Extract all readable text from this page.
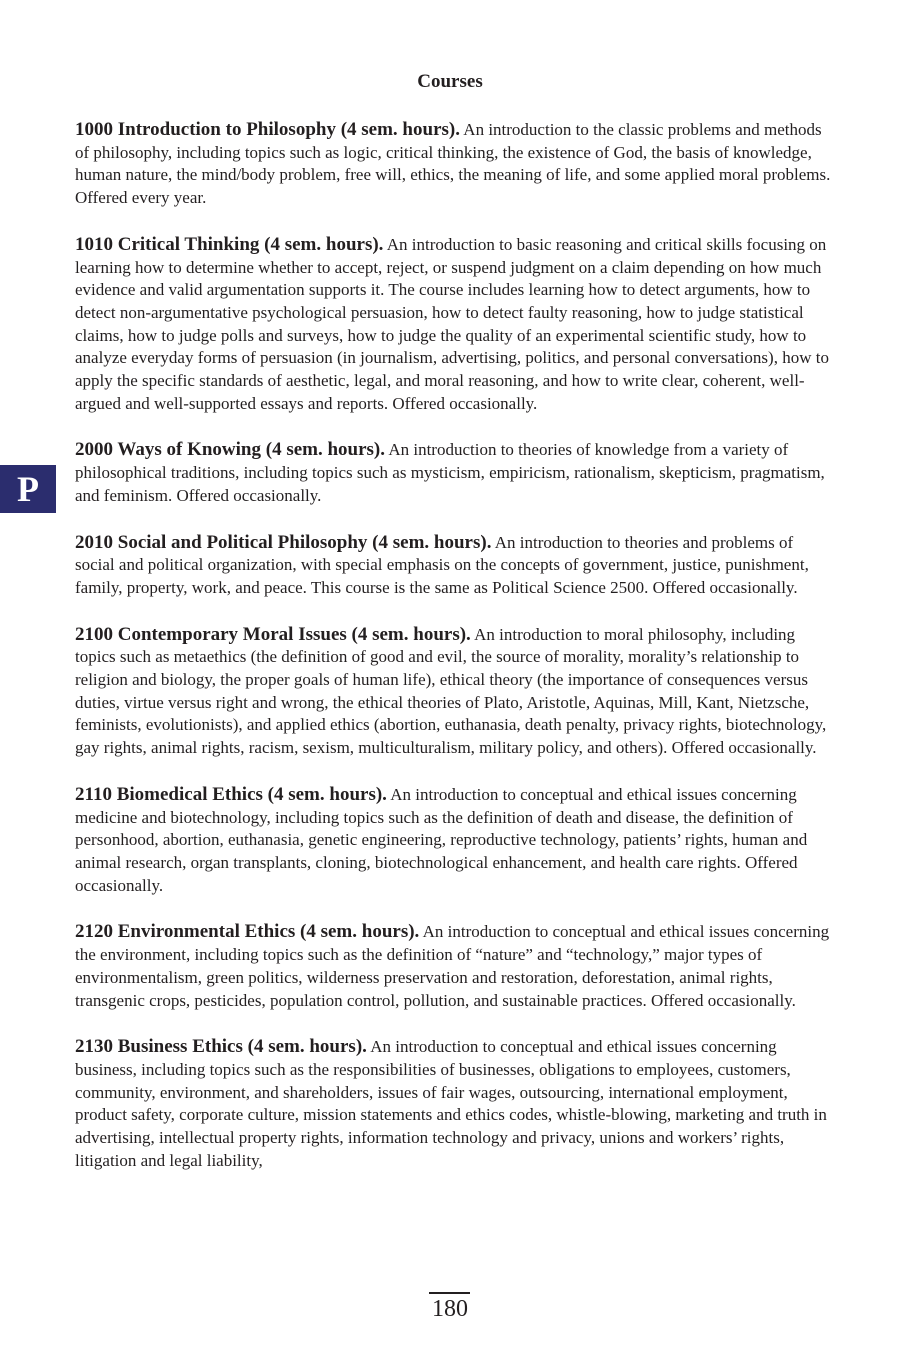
Courses
P

1000 Introduction to Philosophy (4 sem. hours). An introduction to the classic problems and methods of philosophy, including topics such as logic, critical thinking, the existence of God, the basis of knowledge, human nature, the mind/body problem, free will, ethics, the meaning of life, and some applied moral problems. Offered every year.

1010 Critical Thinking (4 sem. hours). An introduction to basic reasoning and critical skills focusing on learning how to determine whether to accept, reject, or suspend judgment on a claim depending on how much evidence and valid argumentation supports it. The course includes learning how to detect arguments, how to detect non-argumentative psychological persuasion, how to detect faulty reasoning, how to judge statistical claims, how to judge polls and surveys, how to judge the quality of an experimental scientific study, how to analyze everyday forms of persuasion (in journalism, advertising, politics, and personal conversations), how to apply the specific standards of aesthetic, legal, and moral reasoning, and how to write clear, coherent, well-argued and well-supported essays and reports. Offered occasionally.

2000 Ways of Knowing (4 sem. hours). An introduction to theories of knowledge from a variety of philosophical traditions, including topics such as mysticism, empiricism, rationalism, skepticism, pragmatism, and feminism. Offered occasionally.

2010 Social and Political Philosophy (4 sem. hours). An introduction to theories and problems of social and political organization, with special emphasis on the concepts of government, justice, punishment, family, property, work, and peace. This course is the same as Political Science 2500. Offered occasionally.

2100 Contemporary Moral Issues (4 sem. hours). An introduction to moral philosophy, including topics such as metaethics (the definition of good and evil, the source of morality, morality’s relationship to religion and biology, the proper goals of human life), ethical theory (the importance of consequences versus duties, virtue versus right and wrong, the ethical theories of Plato, Aristotle, Aquinas, Mill, Kant, Nietzsche, feminists, evolutionists), and applied ethics (abortion, euthanasia, death penalty, privacy rights, biotechnology, gay rights, animal rights, racism, sexism, multiculturalism, military policy, and others). Offered occasionally.

2110 Biomedical Ethics (4 sem. hours). An introduction to conceptual and ethical issues concerning medicine and biotechnology, including topics such as the definition of death and disease, the definition of personhood, abortion, euthanasia, genetic engineering, reproductive technology, patients’ rights, human and animal research, organ transplants, cloning, biotechnological enhancement, and health care rights. Offered occasionally.

2120 Environmental Ethics (4 sem. hours). An introduction to conceptual and ethical issues concerning the environment, including topics such as the definition of “nature” and “technology,” major types of environmentalism, green politics, wilderness preservation and restoration, deforestation, animal rights, transgenic crops, pesticides, population control, pollution, and sustainable practices. Offered occasionally.

2130 Business Ethics (4 sem. hours). An introduction to conceptual and ethical issues concerning business, including topics such as the responsibilities of businesses, obligations to employees, customers, community, environment, and shareholders, issues of fair wages, outsourcing, international employment, product safety, corporate culture, mission statements and ethics codes, whistle-blowing, marketing and truth in advertising, intellectual property rights, information technology and privacy, unions and workers’ rights, litigation and legal liability,

180
